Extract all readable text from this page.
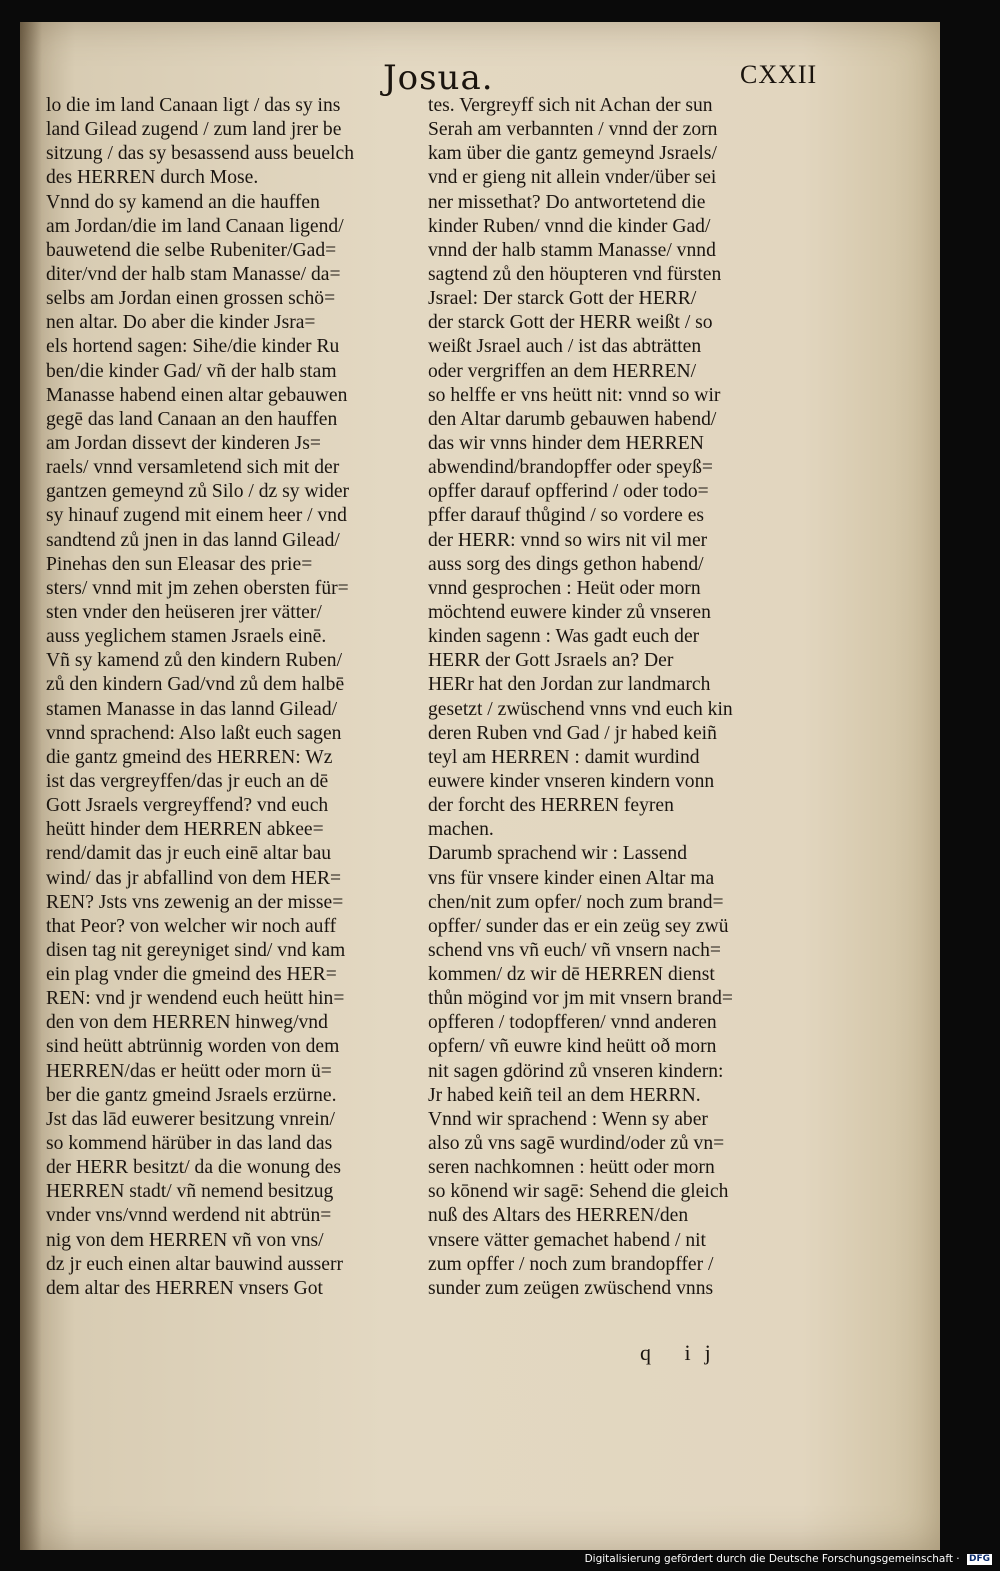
Josua.	CXXII
lo die im land Canaan ligt / das sy ins
land Gilead zugend / zum land jrer be
sitzung / das sy besassend auss beuelch
des HERREN durch Mose.
Vnnd do sy kamend an die hauffen
am Jordan/die im land Canaan ligend/
bauwetend die selbe Rubeniter/Gad=
diter/vnd der halb stam Manasse/ da=
selbs am Jordan einen grossen schö=
nen altar. Do aber die kinder Jsra=
els hortend sagen: Sihe/die kinder Ru
ben/die kinder Gad/ vñ der halb stam
Manasse habend einen altar gebauwen
gegē das land Canaan an den hauffen
am Jordan dissevt der kinderen Js=
raels/ vnnd versamletend sich mit der
gantzen gemeynd zů Silo / dz sy wider
sy hinauf zugend mit einem heer / vnd
sandtend zů jnen in das lannd Gilead/
Pinehas den sun Eleasar des prie=
sters/ vnnd mit jm zehen obersten für=
sten vnder den heüseren jrer vätter/
auss yeglichem stamen Jsraels einē.
Vñ sy kamend zů den kindern Ruben/
zů den kindern Gad/vnd zů dem halbē
stamen Manasse in das lannd Gilead/
vnnd sprachend: Also laßt euch sagen
die gantz gmeind des HERREN: Wz
ist das vergreyffen/das jr euch an dē
Gott Jsraels vergreyffend? vnd euch
heütt hinder dem HERREN abkee=
rend/damit das jr euch einē altar bau
wind/ das jr abfallind von dem HER=
REN? Jsts vns zewenig an der misse=
that Peor? von welcher wir noch auff
disen tag nit gereyniget sind/ vnd kam
ein plag vnder die gmeind des HER=
REN: vnd jr wendend euch heütt hin=
den von dem HERREN hinweg/vnd
sind heütt abtrünnig worden von dem
HERREN/das er heütt oder morn ü=
ber die gantz gmeind Jsraels erzürne.
Jst das lād euwerer besitzung vnrein/
so kommend härüber in das land das
der HERR besitzt/ da die wonung des
HERREN stadt/ vñ nemend besitzug
vnder vns/vnnd werdend nit abtrün=
nig von dem HERREN vñ von vns/
dz jr euch einen altar bauwind ausserr
dem altar des HERREN vnsers Got
tes. Vergreyff sich nit Achan der sun
Serah am verbannten / vnnd der zorn
kam über die gantz gemeynd Jsraels/
vnd er gieng nit allein vnder/über sei
ner missethat? Do antwortetend die
kinder Ruben/ vnnd die kinder Gad/
vnnd der halb stamm Manasse/ vnnd
sagtend zů den höupteren vnd fürsten
Jsrael: Der starck Gott der HERR/
der starck Gott der HERR weißt / so
weißt Jsrael auch / ist das abträtten
oder vergriffen an dem HERREN/
so helffe er vns heütt nit: vnnd so wir
den Altar darumb gebauwen habend/
das wir vnns hinder dem HERREN
abwendind/brandopffer oder speyß=
opffer darauf opfferind / oder todo=
pffer darauf thůgind / so vordere es
der HERR: vnnd so wirs nit vil mer
auss sorg des dings gethon habend/
vnnd gesprochen : Heüt oder morn
möchtend euwere kinder zů vnseren
kinden sagenn : Was gadt euch der
HERR der Gott Jsraels an? Der
HERr hat den Jordan zur landmarch
gesetzt / zwüschend vnns vnd euch kin
deren Ruben vnd Gad / jr habed keiñ
teyl am HERREN : damit wurdind
euwere kinder vnseren kindern vonn
der forcht des HERREN feyren
machen.
Darumb sprachend wir : Lassend
vns für vnsere kinder einen Altar ma
chen/nit zum opfer/ noch zum brand=
opffer/ sunder das er ein zeüg sey zwü
schend vns vñ euch/ vñ vnsern nach=
kommen/ dz wir dē HERREN dienst
thůn mögind vor jm mit vnsern brand=
opfferen / todopfferen/ vnnd anderen
opfern/ vñ euwre kind heütt oð morn
nit sagen gdörind zů vnseren kindern:
Jr habed keiñ teil an dem HERRN.
Vnnd wir sprachend : Wenn sy aber
also zů vns sagē wurdind/oder zů vn=
seren nachkomnen : heütt oder morn
so kōnend wir sagē: Sehend die gleich
nuß des Altars des HERREN/den
vnsere vätter gemachet habend / nit
zum opffer / noch zum brandopffer /
sunder zum zeügen zwüschend vnns
q ij
Digitalisierung gefördert durch die Deutsche Forschungsgemeinschaft · DFG
